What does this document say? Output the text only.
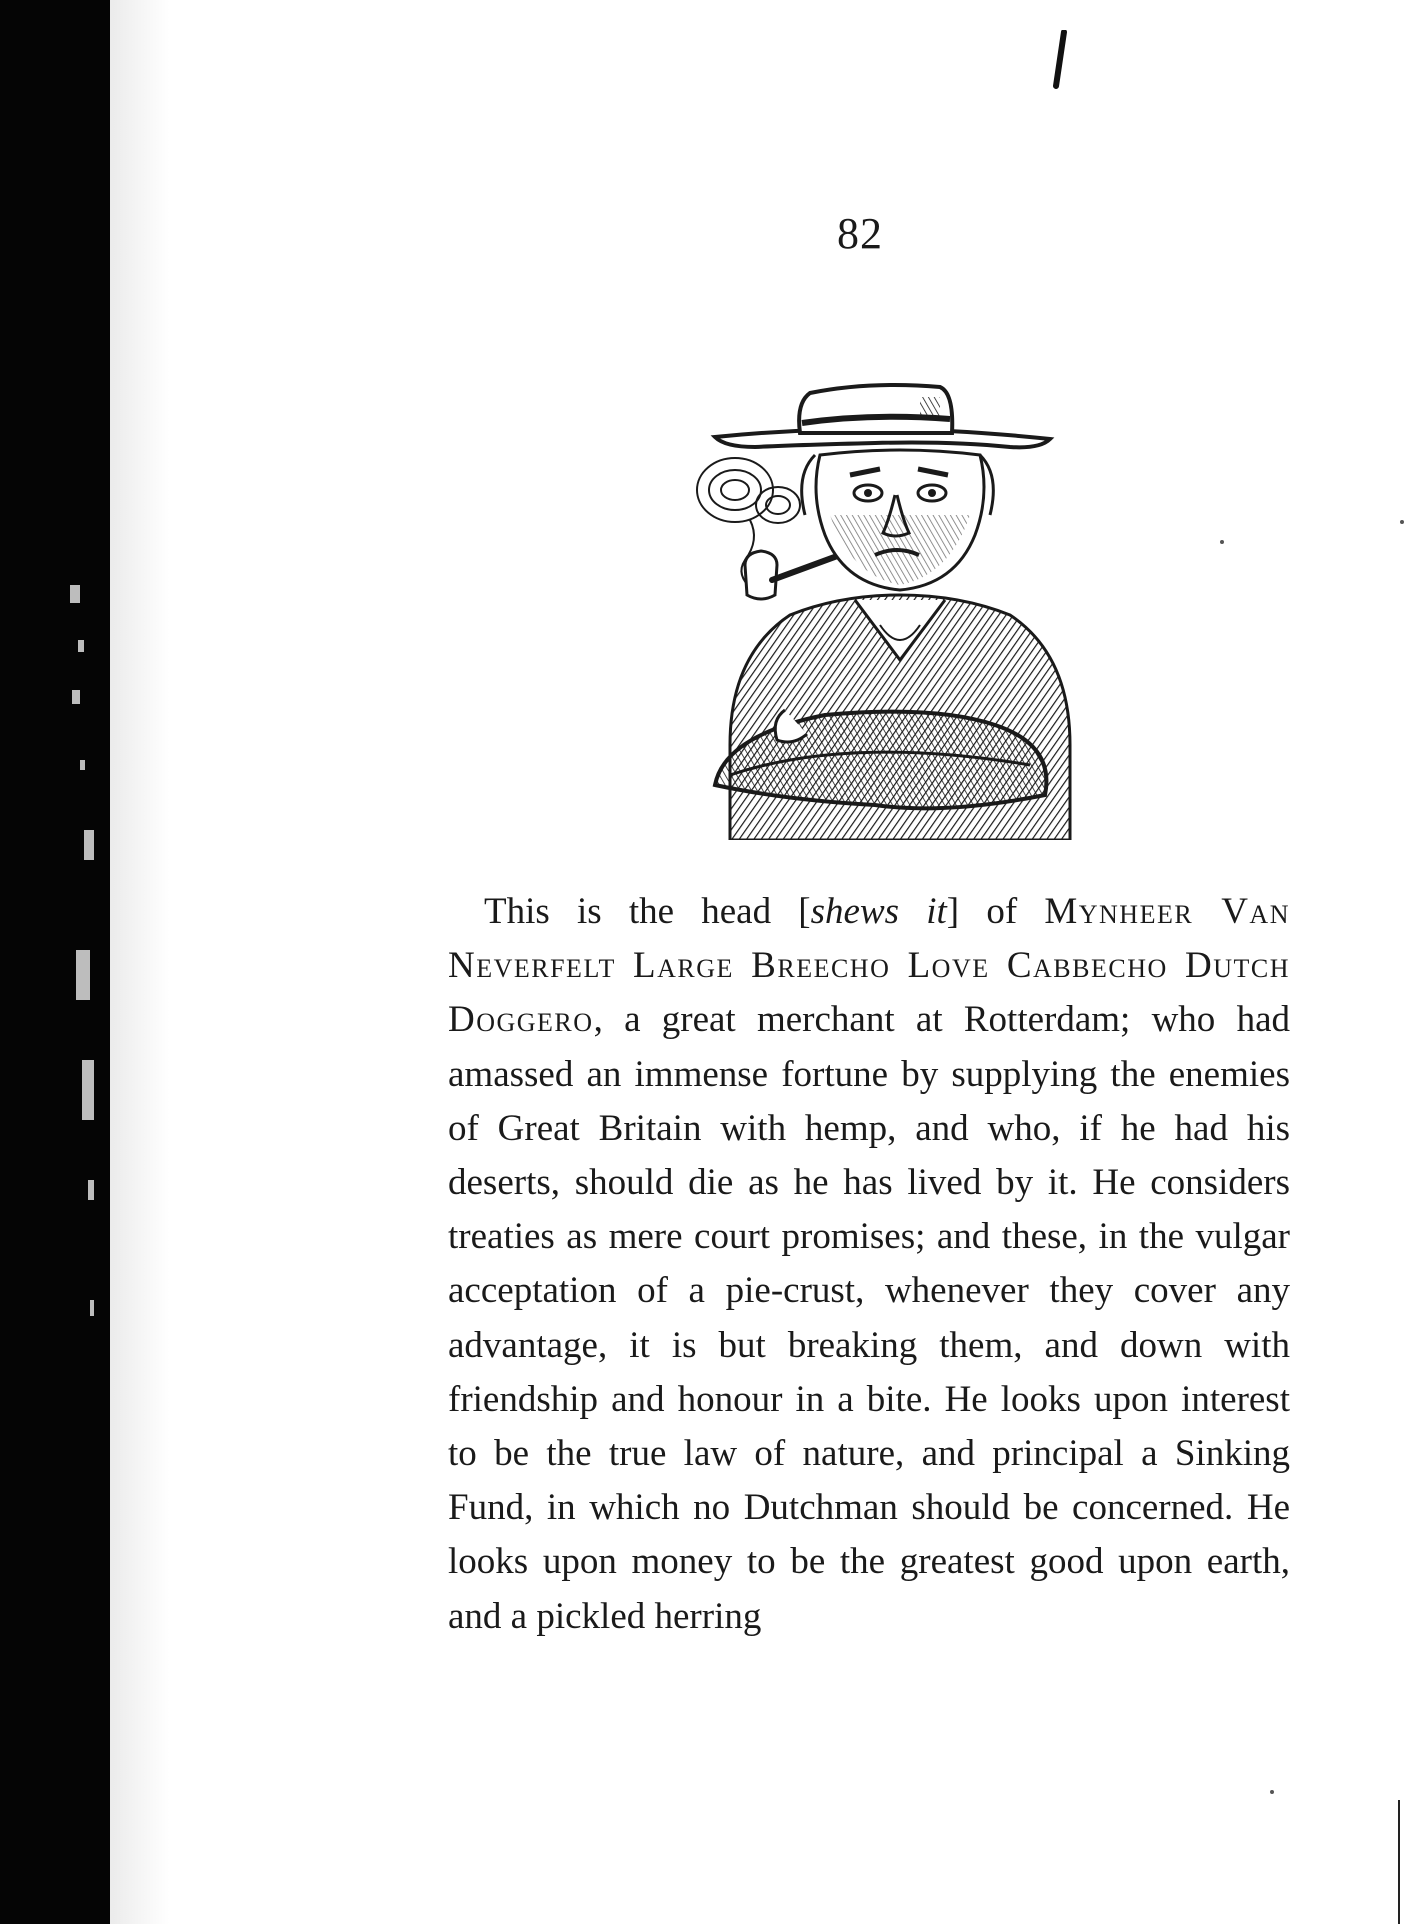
82

This is the head [shews it] of Mynheer Van Neverfelt Large Breecho Love Cabbecho Dutch Doggero, a great merchant at Rotterdam; who had amassed an immense fortune by supplying the enemies of Great Britain with hemp, and who, if he had his deserts, should die as he has lived by it. He considers treaties as mere court promises; and these, in the vulgar acceptation of a pie-crust, whenever they cover any advantage, it is but breaking them, and down with friendship and honour in a bite. He looks upon interest to be the true law of nature, and principal a Sinking Fund, in which no Dutchman should be concerned. He looks upon money to be the greatest good upon earth, and a pickled herring
